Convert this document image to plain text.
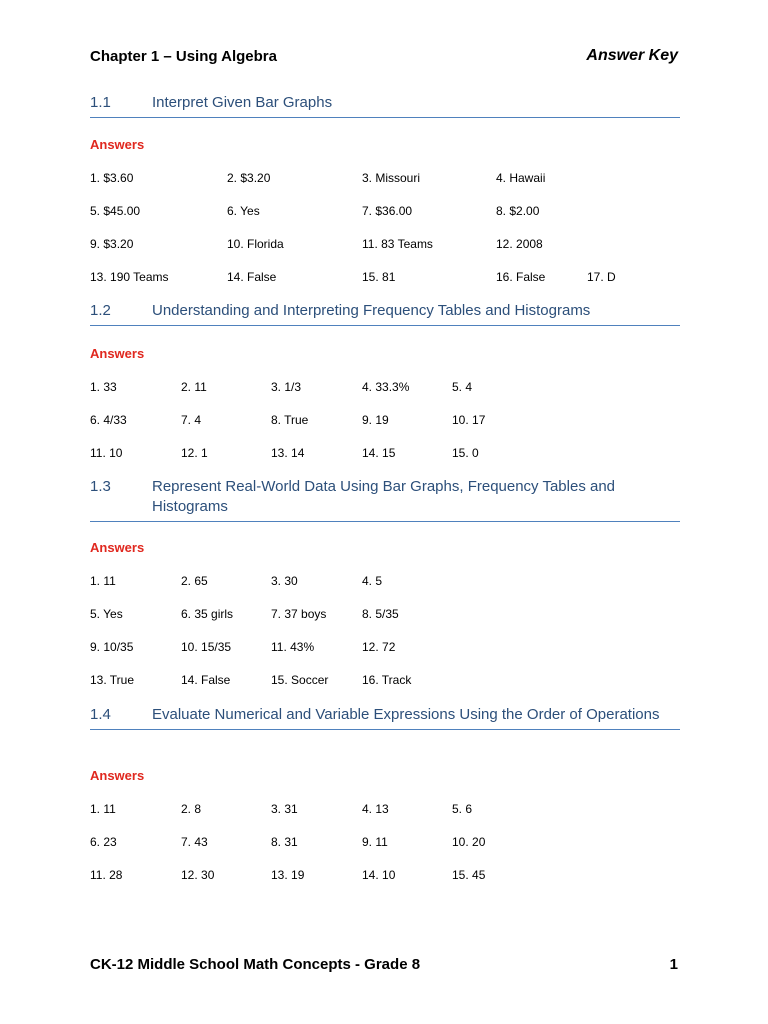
Chapter 1 – Using Algebra	Answer Key
1.1	Interpret Given Bar Graphs
Answers
1. $3.60	2. $3.20	3. Missouri	4. Hawaii
5. $45.00	6. Yes	7. $36.00	8. $2.00
9. $3.20	10. Florida	11. 83 Teams	12. 2008
13. 190 Teams	14. False	15. 81	16. False	17. D
1.2	Understanding and Interpreting Frequency Tables and Histograms
Answers
1. 33	2. 11	3. 1/3	4. 33.3%	5. 4
6. 4/33	7. 4	8. True	9. 19	10. 17
11. 10	12. 1	13. 14	14. 15	15. 0
1.3	Represent Real-World Data Using Bar Graphs, Frequency Tables and Histograms
Answers
1. 11	2. 65	3. 30	4. 5
5. Yes	6. 35 girls	7. 37 boys	8. 5/35
9. 10/35	10. 15/35	11. 43%	12. 72
13. True	14. False	15. Soccer	16. Track
1.4	Evaluate Numerical and Variable Expressions Using the Order of Operations
Answers
1. 11	2. 8	3. 31	4. 13	5. 6
6. 23	7. 43	8. 31	9. 11	10. 20
11. 28	12. 30	13. 19	14. 10	15. 45
CK-12 Middle School Math Concepts - Grade 8	1
